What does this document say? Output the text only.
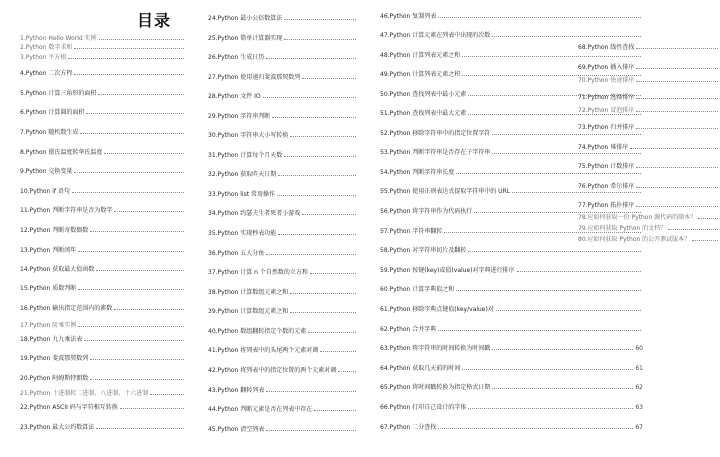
目录
1.Python Hello World 实例
2.Python 数字求和
3.Python 平方根
4.Python 二次方程
5.Python 计算三角形的面积
6.Python 计算圆的面积
7.Python 随机数生成
8.Python 摄氏温度转华氏温度
9.Python 交换变量
10.Python if 语句
11.Python 判断字符串是否为数字
12.Python 判断奇数偶数
13.Python 判断闰年
14.Python 获取最大值函数
15.Python 质数判断
16.Python 输出指定范围内的素数
17.Python 阶乘实例
18.Python 九九乘法表
19.Python 斐波那契数列
20.Python 阿姆斯特朗数
21.Python 十进制转二进制、八进制、十六进制
22.Python ASCII 码与字符相互转换
23.Python 最大公约数算法
24.Python 最小公倍数算法
25.Python 简单计算器实现
26.Python 生成日历
27.Python 使用递归斐波那契数列
28.Python 文件 IO
29.Python 字符串判断
30.Python 字符串大小写转换
31.Python 计算每个月天数
32.Python 获取昨天日期
33.Python list 常用操作
34.Python 约瑟夫生者死者小游戏
35.Python 实现秒表功能
36.Python 五人分鱼
37.Python 计算 n 个自然数的立方和
38.Python 计算数组元素之和
39.Python 计算数组元素之和
40.Python 数组翻转指定个数的元素
41.Python 将列表中的头尾两个元素对调
42.Python 将列表中的指定位置的两个元素对调
43.Python 翻转列表
44.Python 判断元素是否在列表中存在
45.Python 清空列表
46.Python 复制列表
47.Python 计算元素在列表中出现的次数
48.Python 计算列表元素之和
49.Python 计算列表元素之积
50.Python 查找列表中最小元素
51.Python 查找列表中最大元素
52.Python 移除字符串中的指定位置字符
53.Python 判断字符串是否存在子字符串
54.Python 判断字符串长度
55.Python 使用正则表达式提取字符串中的 URL
56.Python 将字符串作为代码执行
57.Python 字符串翻转
58.Python 对字符串切片及翻转
59.Python 按键(key)或值(value)对字典进行排序
60.Python 计算字典值之和
61.Python 移除字典点键值(key/value)对
62.Python 合并字典
63.Python 将字符串的时间转换为时间戳	60
64.Python 获取几天前的时间	61
65.Python 将时间戳转换为指定格式日期	62
66.Python 打印自己设计的字体	63
67.Python 二分查找	67
68.Python 线性查找
69.Python 插入排序
70.Python 快速排序
71.Python 选择排序
72.Python 冒泡排序
73.Python 归并排序
74.Python 堆排序
75.Python 计数排序
76.Python 希尔排序
77.Python 拓扑排序
78.应如何获取一份 Python 源代码的副本？
79.应如何获取 Python 的文档？
80.应如何获取 Python 的公开测试版本？
